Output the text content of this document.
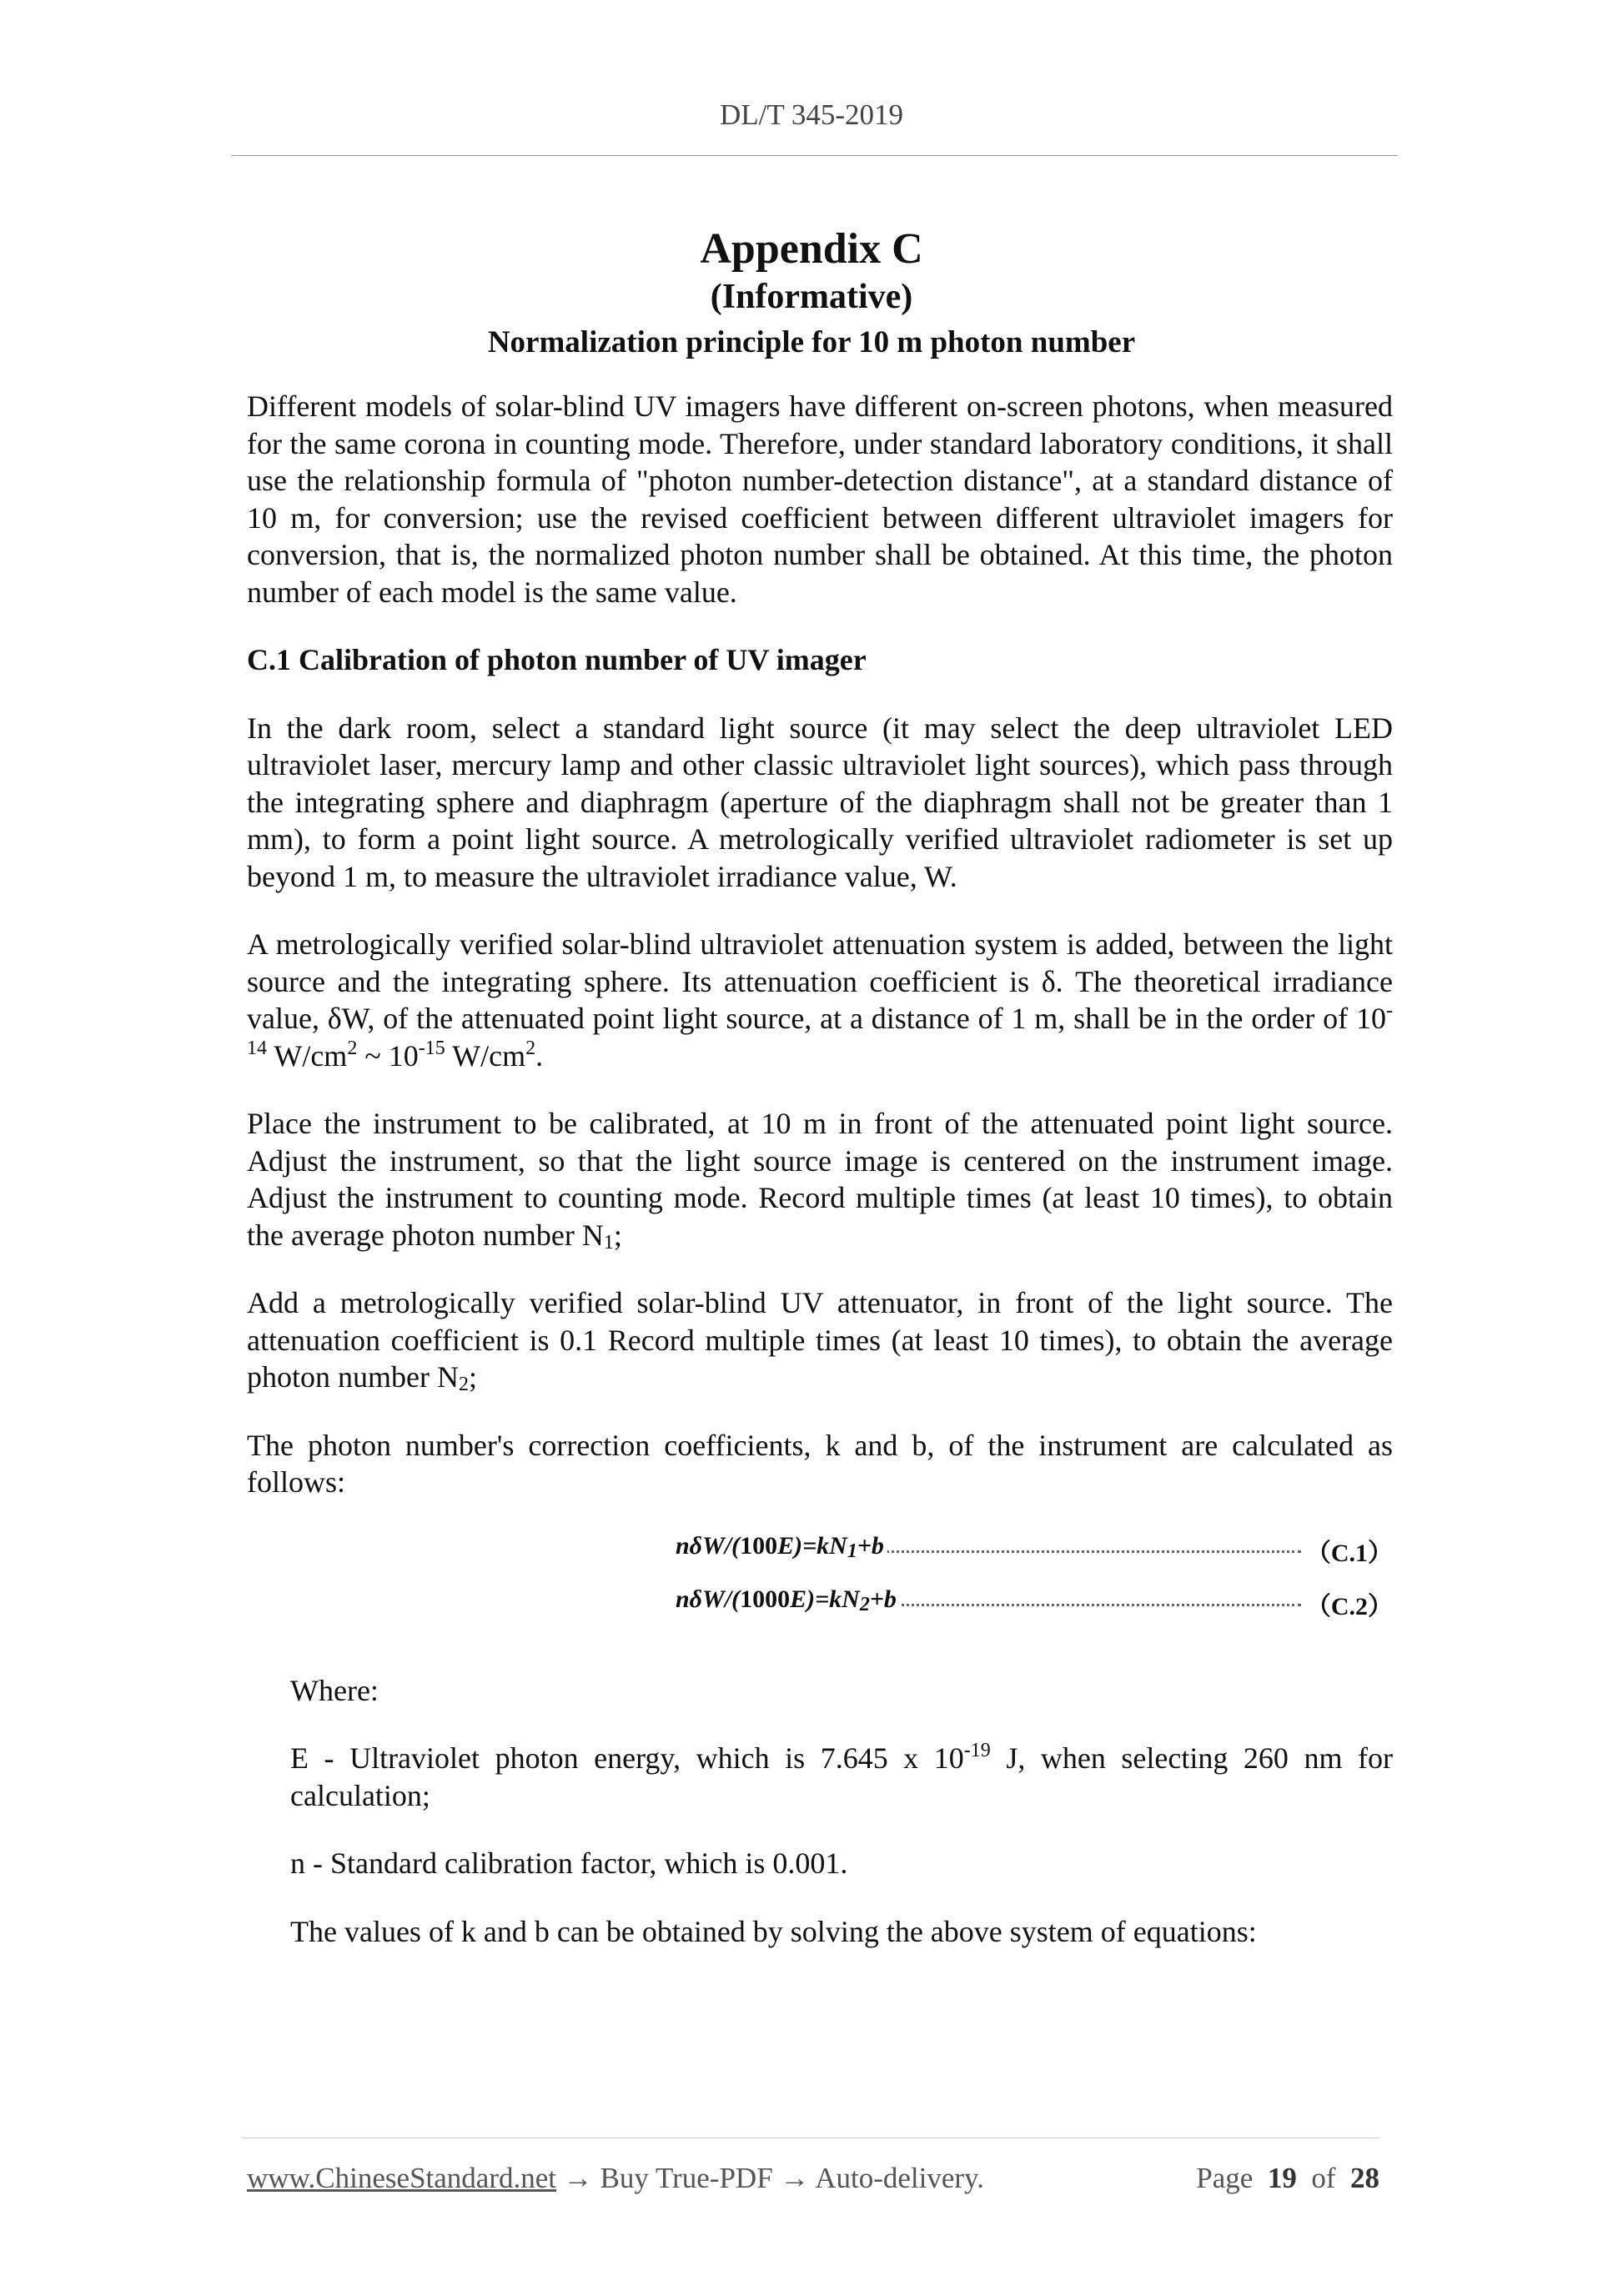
DL/T 345-2019
Appendix C
(Informative)
Normalization principle for 10 m photon number

Different models of solar-blind UV imagers have different on-screen photons, when measured for the same corona in counting mode. Therefore, under standard laboratory conditions, it shall use the relationship formula of "photon number-detection distance", at a standard distance of 10 m, for conversion; use the revised coefficient between different ultraviolet imagers for conversion, that is, the normalized photon number shall be obtained. At this time, the photon number of each model is the same value.

C.1 Calibration of photon number of UV imager

In the dark room, select a standard light source (it may select the deep ultraviolet LED ultraviolet laser, mercury lamp and other classic ultraviolet light sources), which pass through the integrating sphere and diaphragm (aperture of the diaphragm shall not be greater than 1 mm), to form a point light source. A metrologically verified ultraviolet radiometer is set up beyond 1 m, to measure the ultraviolet irradiance value, W.

A metrologically verified solar-blind ultraviolet attenuation system is added, between the light source and the integrating sphere. Its attenuation coefficient is δ. The theoretical irradiance value, δW, of the attenuated point light source, at a distance of 1 m, shall be in the order of $10^{-14}$ $W/cm^2$ ~ $10^{-15}$ $W/cm^2$.

Place the instrument to be calibrated, at 10 m in front of the attenuated point light source. Adjust the instrument, so that the light source image is centered on the instrument image. Adjust the instrument to counting mode. Record multiple times (at least 10 times), to obtain the average photon number $N_1$;

Add a metrologically verified solar-blind UV attenuator, in front of the light source. The attenuation coefficient is 0.1 Record multiple times (at least 10 times), to obtain the average photon number $N_2$;

The photon number's correction coefficients, k and b, of the instrument are calculated as follows:

nδW/$(100E)=kN_1+b$	（C.1）
nδW/$(1000E)=kN_2+b$	（C.2）

Where:

E - Ultraviolet photon energy, which is 7.645 x $10^{-19}$ J, when selecting 260 nm for calculation;

n - Standard calibration factor, which is 0.001.

The values of k and b can be obtained by solving the above system of equations:

www.ChineseStandard.net → Buy True-PDF → Auto-delivery.	Page 19 of 28
